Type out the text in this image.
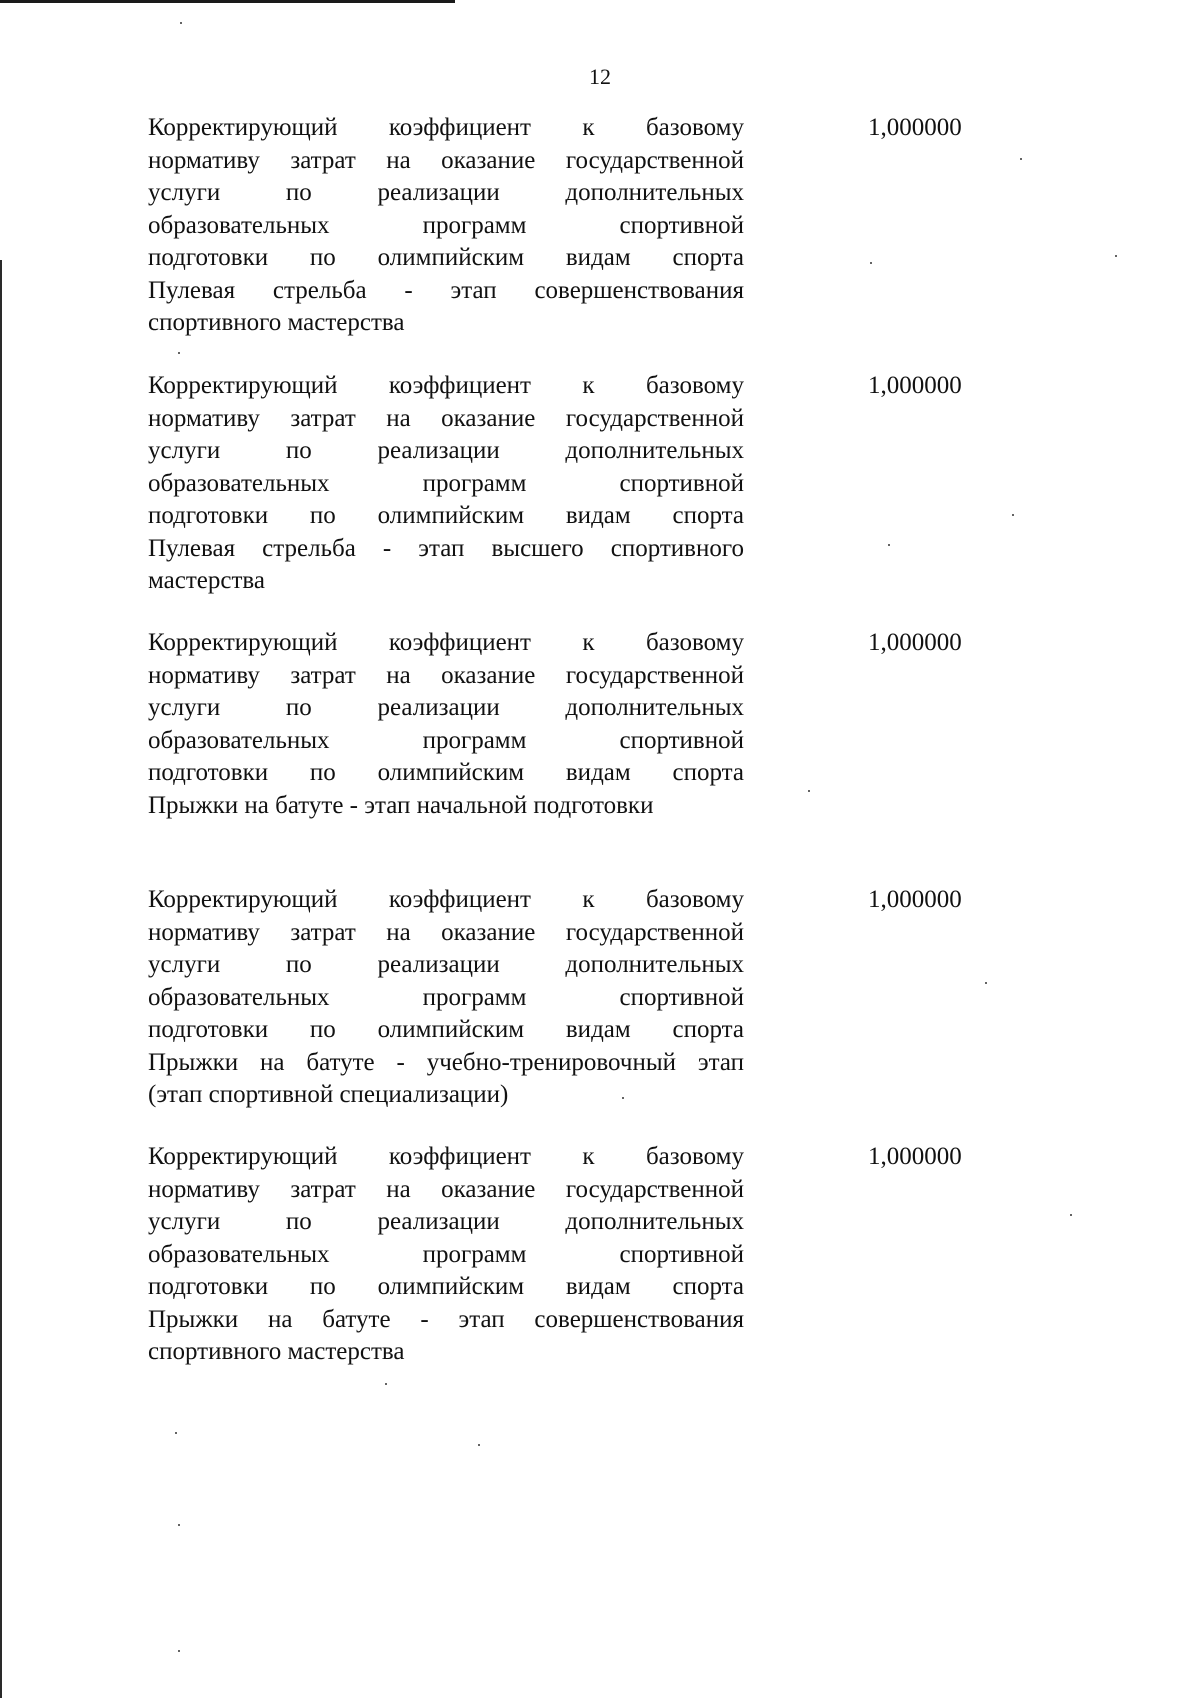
12
Корректирующий коэффициент к базовому
нормативу затрат на оказание государственной
услуги по реализации дополнительных
образовательных программ спортивной
подготовки по олимпийским видам спорта
Пулевая стрельба - этап совершенствования
спортивного мастерства
1,000000
Корректирующий коэффициент к базовому
нормативу затрат на оказание государственной
услуги по реализации дополнительных
образовательных программ спортивной
подготовки по олимпийским видам спорта
Пулевая стрельба - этап высшего спортивного
мастерства
1,000000
Корректирующий коэффициент к базовому
нормативу затрат на оказание государственной
услуги по реализации дополнительных
образовательных программ спортивной
подготовки по олимпийским видам спорта
Прыжки на батуте - этап начальной подготовки
1,000000
Корректирующий коэффициент к базовому
нормативу затрат на оказание государственной
услуги по реализации дополнительных
образовательных программ спортивной
подготовки по олимпийским видам спорта
Прыжки на батуте - учебно-тренировочный этап
(этап спортивной специализации)
1,000000
Корректирующий коэффициент к базовому
нормативу затрат на оказание государственной
услуги по реализации дополнительных
образовательных программ спортивной
подготовки по олимпийским видам спорта
Прыжки на батуте - этап совершенствования
спортивного мастерства
1,000000
